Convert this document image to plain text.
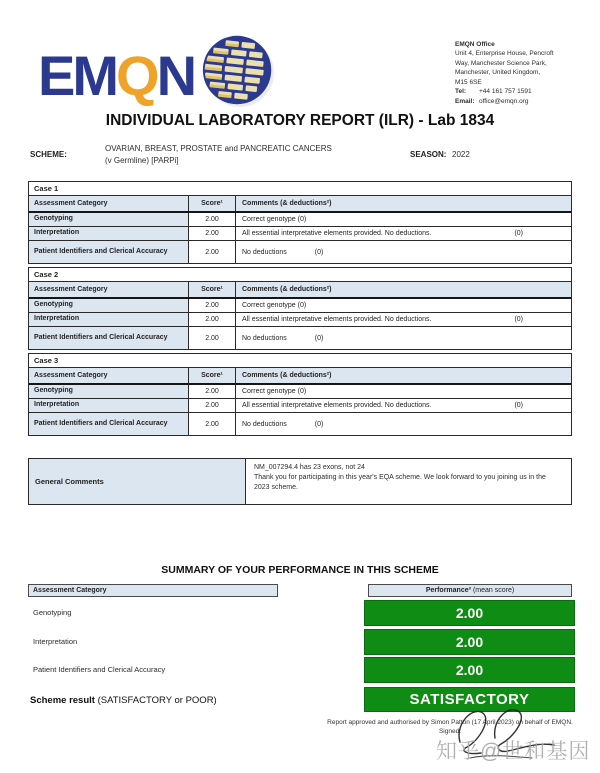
EMQN	EMQN Office
Unit 4, Enterprise House, Pencroft
Way, Manchester Science Park,
Manchester, United Kingdom,
M15 6SE
Tel: +44 161 757 1591
Email: office@emqn.org
INDIVIDUAL LABORATORY REPORT (ILR) - Lab 1834
SCHEME:
OVARIAN, BREAST, PROSTATE and PANCREATIC CANCERS
(v Germline) [PARPi]
SEASON: 2022
Case 1
Assessment Category	Score¹	Comments (& deductions²)
Genotyping	2.00	Correct genotype (0)
Interpretation	2.00	All essential interpretative elements provided. No deductions.	(0)
Patient Identifiers and Clerical Accuracy	2.00	No deductions	(0)
Case 2
Assessment Category	Score¹	Comments (& deductions²)
Genotyping	2.00	Correct genotype (0)
Interpretation	2.00	All essential interpretative elements provided. No deductions.	(0)
Patient Identifiers and Clerical Accuracy	2.00	No deductions	(0)
Case 3
Assessment Category	Score¹	Comments (& deductions²)
Genotyping	2.00	Correct genotype (0)
Interpretation	2.00	All essential interpretative elements provided. No deductions.	(0)
Patient Identifiers and Clerical Accuracy	2.00	No deductions	(0)
General Comments
NM_007294.4 has 23 exons, not 24
Thank you for participating in this year's EQA scheme. We look forward to you joining us in the 2023 scheme.
SUMMARY OF YOUR PERFORMANCE IN THIS SCHEME
Assessment Category	Performance³ (mean score)
Genotyping	2.00
Interpretation	2.00
Patient Identifiers and Clerical Accuracy	2.00
Scheme result (SATISFACTORY or POOR)	SATISFACTORY
Report approved and authorised by Simon Patton (17 April 2023) on behalf of EMQN.
Signed:
知乎@世和基因
